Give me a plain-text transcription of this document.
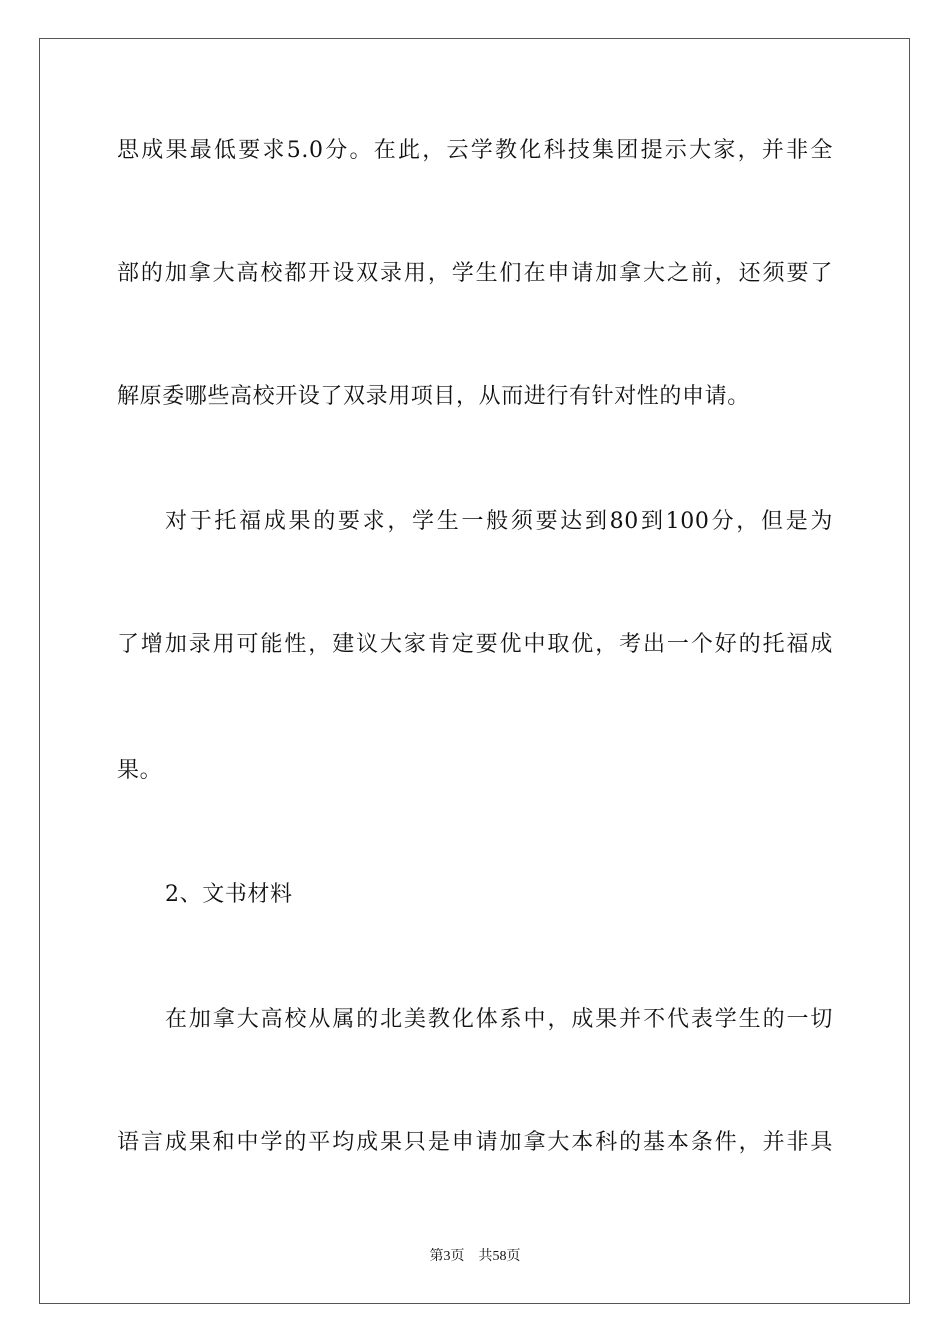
思成果最低要求5.0分。在此，云学教化科技集团提示大家，并非全
部的加拿大高校都开设双录用，学生们在申请加拿大之前，还须要了
解原委哪些高校开设了双录用项目，从而进行有针对性的申请。
对于托福成果的要求，学生一般须要达到80到100分，但是为
了增加录用可能性，建议大家肯定要优中取优，考出一个好的托福成
果。
2、文书材料
在加拿大高校从属的北美教化体系中，成果并不代表学生的一切
语言成果和中学的平均成果只是申请加拿大本科的基本条件，并非具
第3页 共58页
